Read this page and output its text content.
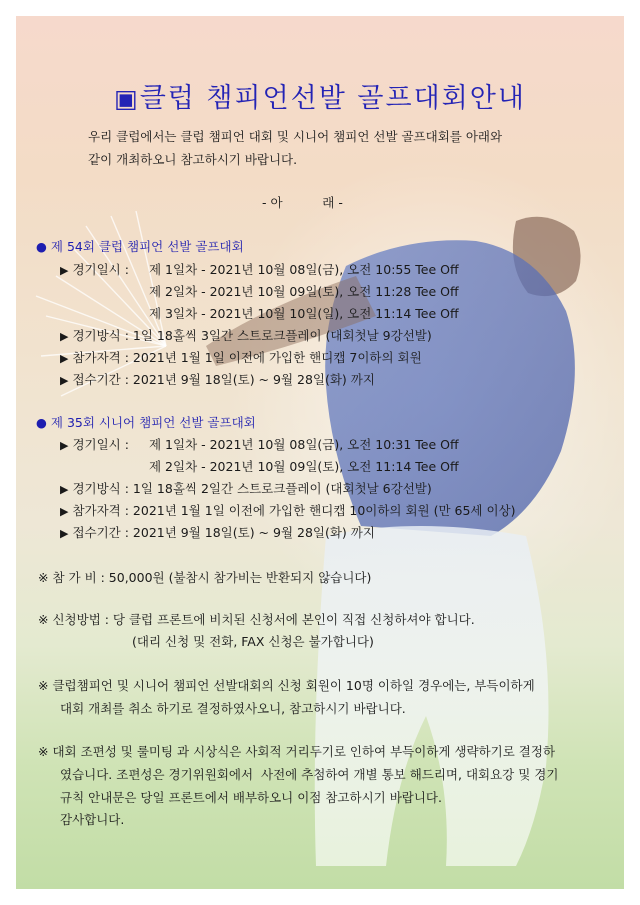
▣클럽 챔피언선발 골프대회안내
우리 클럽에서는 클럽 챔피언 대회 및 시니어 챔피언 선발 골프대회를 아래와
같이 개최하오니 참고하시기 바랍니다.
- 아          래 -
● 제 54회 클럽 챔피언 선발 골프대회
▶ 경기일시 : 제 1일차 - 2021년 10월 08일(금), 오전 10:55 Tee Off
제 2일차 - 2021년 10월 09일(토), 오전 11:28 Tee Off
제 3일차 - 2021년 10월 10일(일), 오전 11:14 Tee Off
▶ 경기방식 : 1일 18홀씩 3일간 스트로크플레이 (대회첫날 9강선발)
▶ 참가자격 : 2021년 1월 1일 이전에 가입한 핸디캡 7이하의 회원
▶ 접수기간 : 2021년 9월 18일(토) ~ 9월 28일(화) 까지
● 제 35회 시니어 챔피언 선발 골프대회
▶ 경기일시 : 제 1일차 - 2021년 10월 08일(금), 오전 10:31 Tee Off
제 2일차 - 2021년 10월 09일(토), 오전 11:14 Tee Off
▶ 경기방식 : 1일 18홀씩 2일간 스트로크플레이 (대회첫날 6강선발)
▶ 참가자격 : 2021년 1월 1일 이전에 가입한 핸디캡 10이하의 회원 (만 65세 이상)
▶ 접수기간 : 2021년 9월 18일(토) ~ 9월 28일(화) 까지
※ 참 가 비 : 50,000원 (불참시 참가비는 반환되지 않습니다)
※ 신청방법 : 당 클럽 프론트에 비치된 신청서에 본인이 직접 신청하셔야 합니다.
(대리 신청 및 전화, FAX 신청은 불가합니다)
※ 클럽챔피언 및 시니어 챔피언 선발대회의 신청 회원이 10명 이하일 경우에는, 부득이하게
대회 개최를 취소 하기로 결정하였사오니, 참고하시기 바랍니다.
※ 대회 조편성 및 룰미팅 과 시상식은 사회적 거리두기로 인하여 부득이하게 생략하기로 결정하
였습니다. 조편성은 경기위원회에서  사전에 추첨하여 개별 통보 해드리며, 대회요강 및 경기
규칙 안내문은 당일 프론트에서 배부하오니 이점 참고하시기 바랍니다.
감사합니다.
